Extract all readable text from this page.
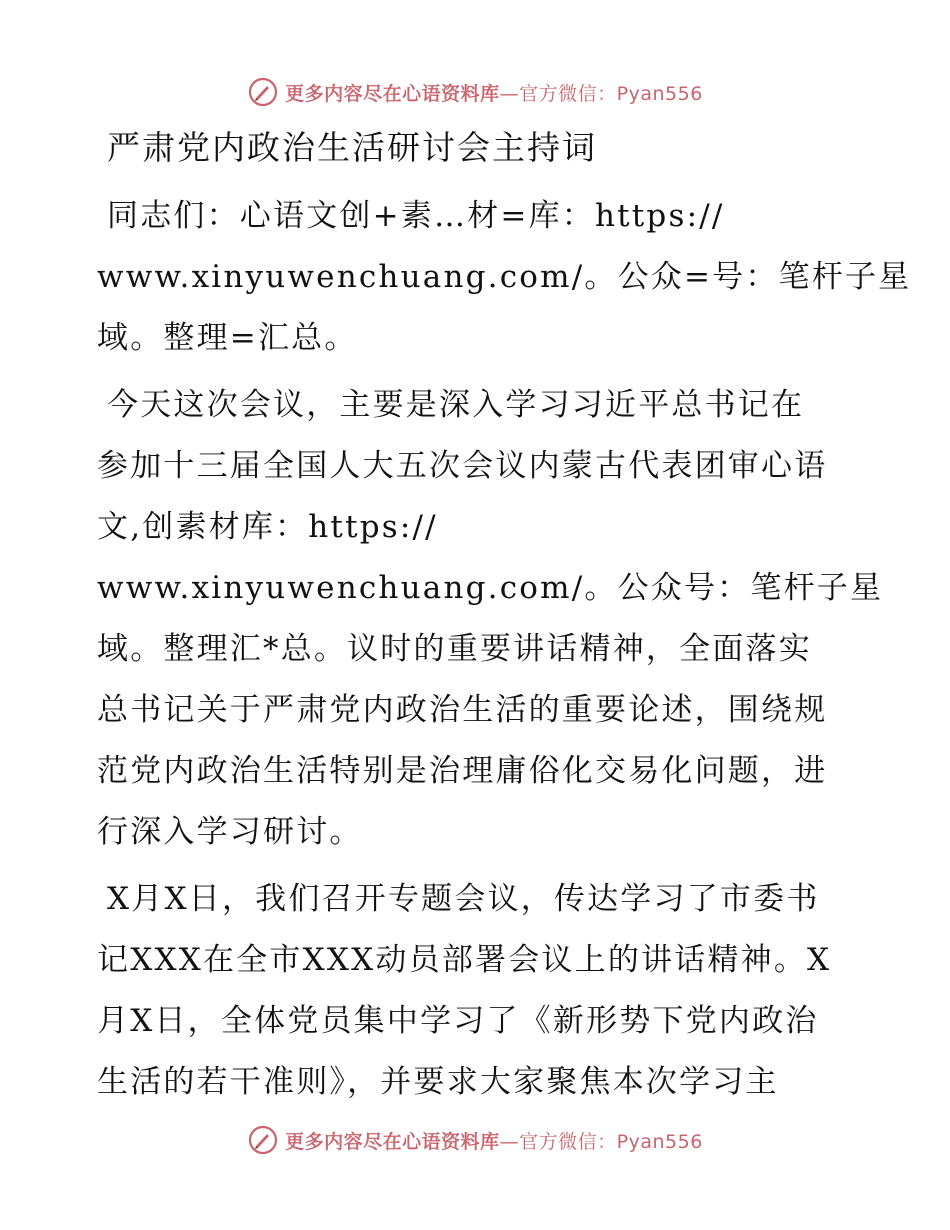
更多内容尽在心语资料库—官方微信：Pyan556
严肃党内政治生活研讨会主持词
同志们：心语文创+素…材=库：https://
www.xinyuwenchuang.com/。公众=号：笔杆子星
域。整理=汇总。
今天这次会议，主要是深入学习习近平总书记在
参加十三届全国人大五次会议内蒙古代表团审心语
文,创素材库：https://
www.xinyuwenchuang.com/。公众号：笔杆子星
域。整理汇*总。议时的重要讲话精神，全面落实
总书记关于严肃党内政治生活的重要论述，围绕规
范党内政治生活特别是治理庸俗化交易化问题，进
行深入学习研讨。
X月X日，我们召开专题会议，传达学习了市委书
记XXX在全市XXX动员部署会议上的讲话精神。X
月X日，全体党员集中学习了《新形势下党内政治
生活的若干准则》，并要求大家聚焦本次学习主
更多内容尽在心语资料库—官方微信：Pyan556
